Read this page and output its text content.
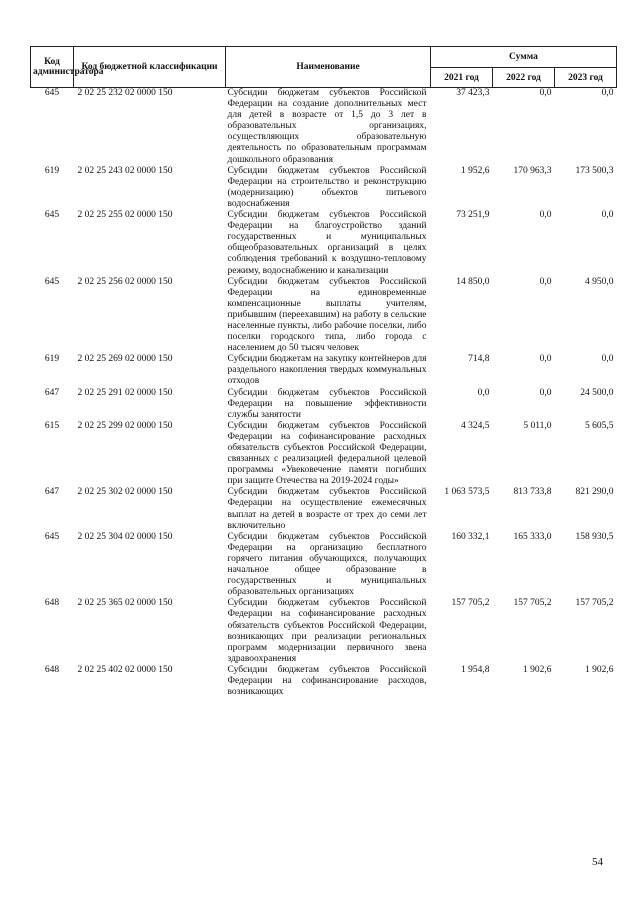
Код администратора	Код бюджетной классификации	Наименование	Сумма		
			2021 год	2022 год	2023 год
645	2 02 25 232 02 0000 150	Субсидии бюджетам субъектов Российской Федерации на создание дополнительных мест для детей в возрасте от 1,5 до 3 лет в образовательных организациях, осуществляющих образовательную деятельность по образовательным программам дошкольного образования	37 423,3	0,0	0,0
619	2 02 25 243 02 0000 150	Субсидии бюджетам субъектов Российской Федерации на строительство и реконструкцию (модернизацию) объектов питьевого водоснабжения	1 952,6	170 963,3	173 500,3
645	2 02 25 255 02 0000 150	Субсидии бюджетам субъектов Российской Федерации на благоустройство зданий государственных и муниципальных общеобразовательных организаций в целях соблюдения требований к воздушно-тепловому режиму, водоснабжению и канализации	73 251,9	0,0	0,0
645	2 02 25 256 02 0000 150	Субсидии бюджетам субъектов Российской Федерации на единовременные компенсационные выплаты учителям, прибывшим (переехавшим) на работу в сельские населенные пункты, либо рабочие поселки, либо поселки городского типа, либо города с населением до 50 тысяч человек	14 850,0	0,0	4 950,0
619	2 02 25 269 02 0000 150	Субсидии бюджетам на закупку контейнеров для раздельного накопления твердых коммунальных отходов	714,8	0,0	0,0
647	2 02 25 291 02 0000 150	Субсидии бюджетам субъектов Российской Федерации на повышение эффективности службы занятости	0,0	0,0	24 500,0
615	2 02 25 299 02 0000 150	Субсидии бюджетам субъектов Российской Федерации на софинансирование расходных обязательств субъектов Российской Федерации, связанных с реализацией федеральной целевой программы «Увековечение памяти погибших при защите Отечества на 2019-2024 годы»	4 324,5	5 011,0	5 605,5
647	2 02 25 302 02 0000 150	Субсидии бюджетам субъектов Российской Федерации на осуществление ежемесячных выплат на детей в возрасте от трех до семи лет включительно	1 063 573,5	813 733,8	821 290,0
645	2 02 25 304 02 0000 150	Субсидии бюджетам субъектов Российской Федерации на организацию бесплатного горячего питания обучающихся, получающих начальное общее образование в государственных и муниципальных образовательных организациях	160 332,1	165 333,0	158 930,5
648	2 02 25 365 02 0000 150	Субсидии бюджетам субъектов Российской Федерации на софинансирование расходных обязательств субъектов Российской Федерации, возникающих при реализации региональных программ модернизации первичного звена здравоохранения	157 705,2	157 705,2	157 705,2
648	2 02 25 402 02 0000 150	Субсидии бюджетам субъектов Российской Федерации на софинансирование расходов, возникающих	1 954,8	1 902,6	1 902,6
54
